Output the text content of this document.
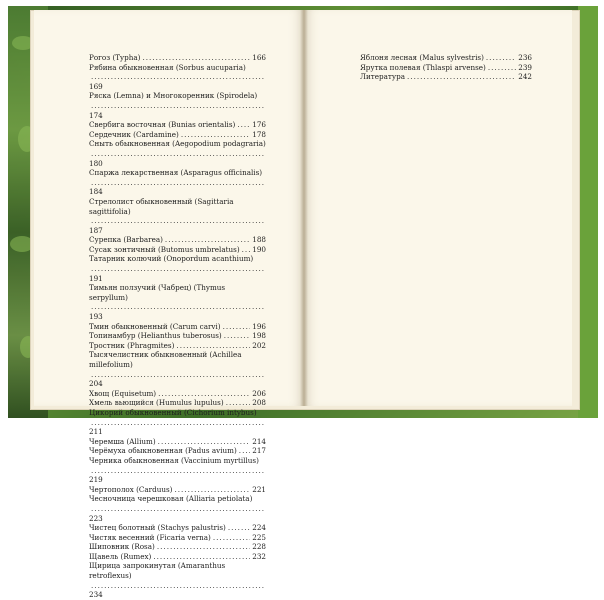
Рогоз (Typha) .....	166
Рябина обыкновенная (Sorbus aucuparia)
.....
169
Ряска (Lemna) и Многокоренник (Spirodela)
.....
174
Свербига восточная (Bunias orientalis) ..... 176
Сердечник (Cardamine) .....	178
Сныть обыкновенная (Aegopodium podagraria)
.....
180
Спаржа лекарственная (Asparagus officinalis)
.....
184
Стрелолист обыкновенный (Sagittaria sagittifolia)
.....
187
Сурепка (Barbarea) .....	188
Сусак зонтичный (Butomus umbrelatus) ..... 190
Татарник колючий (Onopordum acanthium)
.....
191
Тимьян ползучий (Чабрец) (Thymus serpyllum)
.....
193
Тмин обыкновенный (Carum carvi) .....	196
Топинамбур (Helianthus tuberosus) .....	198
Тростник (Phragmites) .....	202
Тысячелистник обыкновенный (Achillea millefolium)
.....
204
Хвощ (Equisetum) .....	206
Хмель вьющийся (Humulus lupulus) .....	208
Цикорий обыкновенный (Cichorium intybus)
.....
211
Черемша (Allium) .....	214
Черёмуха обыкновенная (Padus avium) ..... 217
Черника обыкновенная (Vaccinium myrtillus)
.....
219
Чертополох (Carduus) .....	221
Чесночница черешковая (Alliaria petiolata)
.....
223
Чистец болотный (Stachys palustris) .....	224
Чистяк весенний (Ficaria verna) .....	225
Шиповник (Rosa) .....	228
Щавель (Rumex) .....	232
Щирица запрокинутая (Amaranthus retroflexus)
.....
234
Яблоня лесная (Malus sylvestris) .....	236
Ярутка полевая (Thlaspi arvense) .....	239
Литература .....	242
